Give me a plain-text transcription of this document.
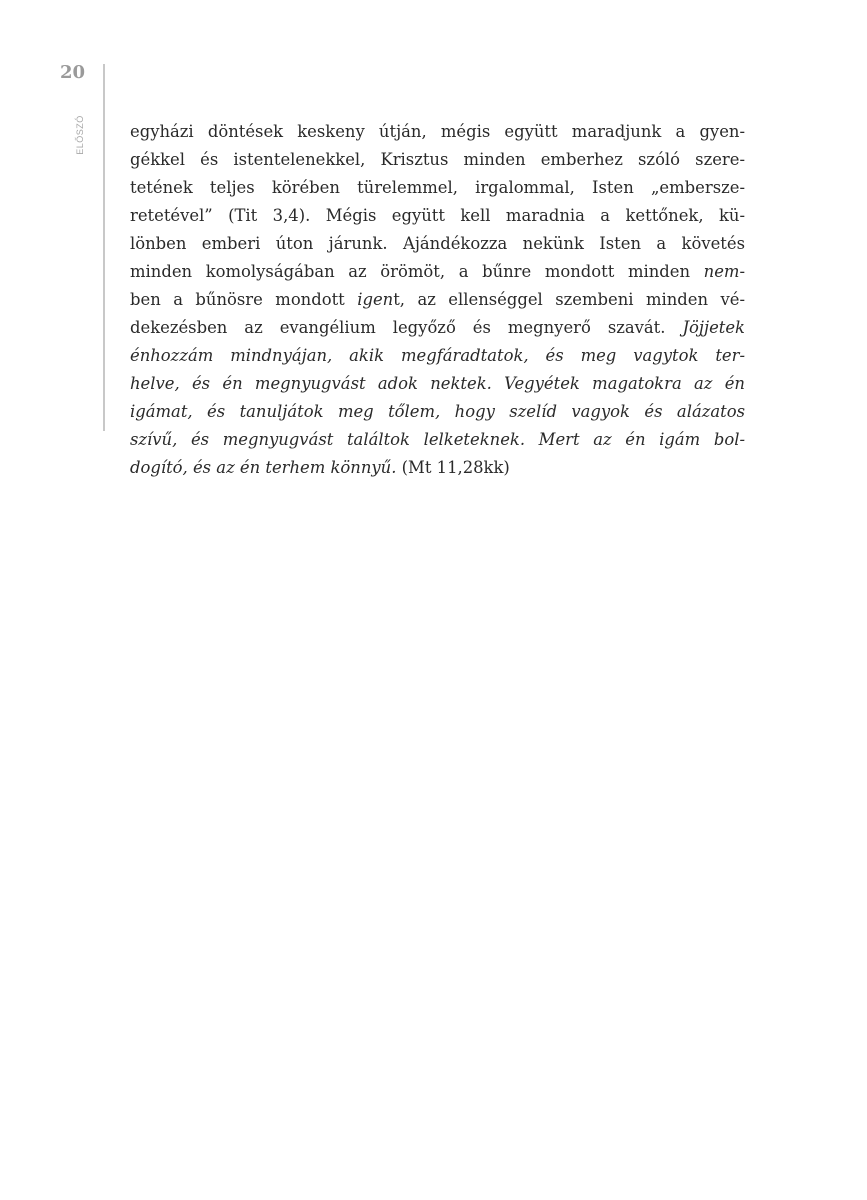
20
ELŐSZÓ	egyházi döntések keskeny útján, mégis együtt maradjunk a gyen-
gékkel és istentelenekkel, Krisztus minden emberhez szóló szere-
tetének teljes körében türelemmel, irgalommal, Isten „embersze-
retetével” (Tit 3,4). Mégis együtt kell maradnia a kettőnek, kü-
lönben emberi úton járunk. Ajándékozza nekünk Isten a követés
minden komolyságában az örömöt, a bűnre mondott minden nem-
ben a bűnösre mondott igent, az ellenséggel szembeni minden vé-
dekezésben az evangélium legyőző és megnyerő szavát. Jöjjetek
énhozzám mindnyájan, akik megfáradtatok, és meg vagytok ter-
helve, és én megnyugvást adok nektek. Vegyétek magatokra az én
igámat, és tanuljátok meg tőlem, hogy szelíd vagyok és alázatos
szívű, és megnyugvást találtok lelketeknek. Mert az én igám bol-
dogító, és az én terhem könnyű. (Mt 11,28kk)
